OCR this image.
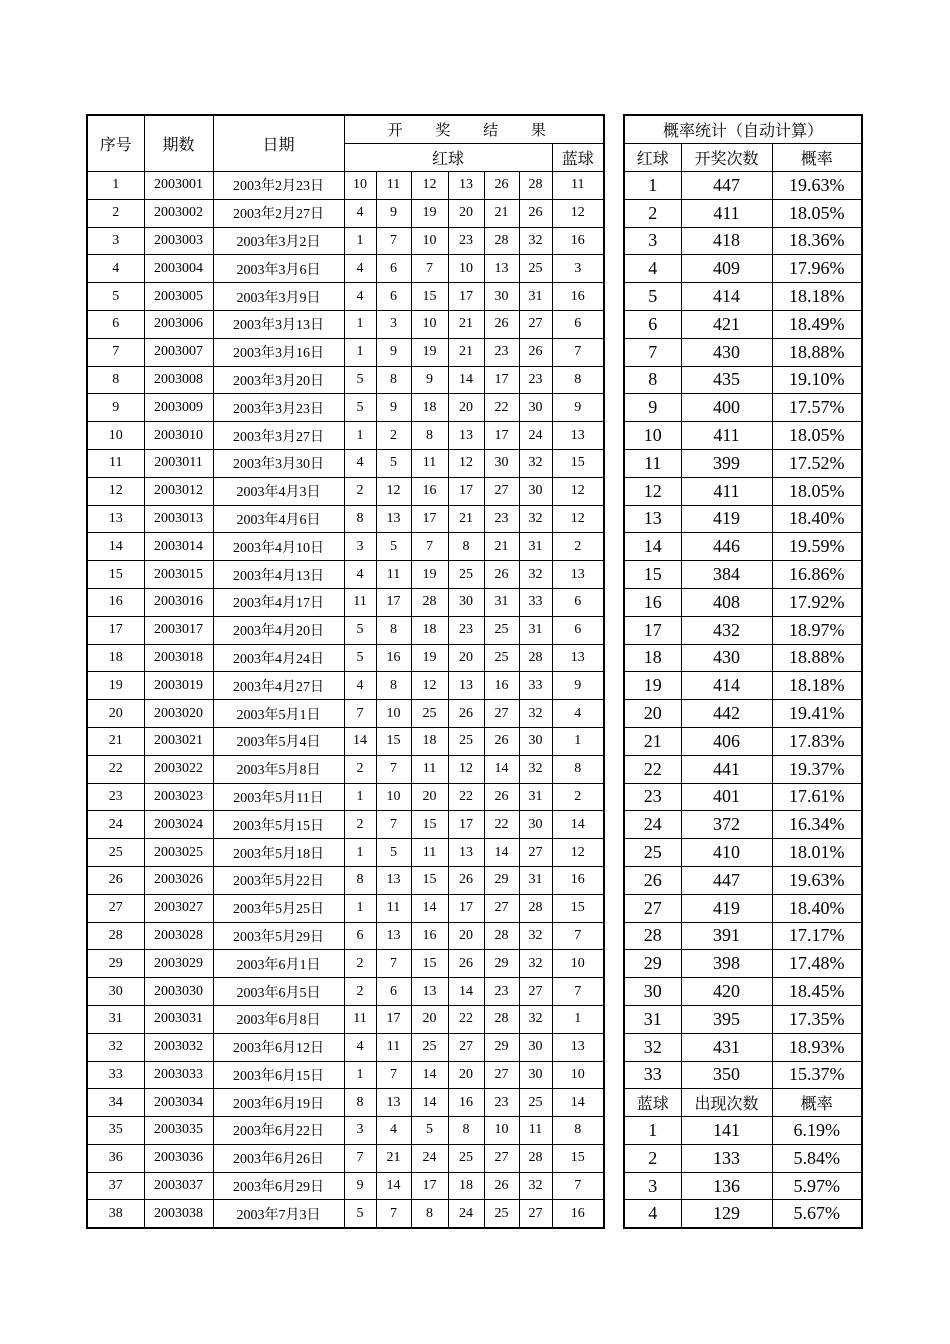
序号	期数	日期	开 奖 结 果						
			红球						蓝球
1	2003001	2003年2月23日	10	11	12	13	26	28	11
2	2003002	2003年2月27日	4	9	19	20	21	26	12
3	2003003	2003年3月2日	1	7	10	23	28	32	16
4	2003004	2003年3月6日	4	6	7	10	13	25	3
5	2003005	2003年3月9日	4	6	15	17	30	31	16
6	2003006	2003年3月13日	1	3	10	21	26	27	6
7	2003007	2003年3月16日	1	9	19	21	23	26	7
8	2003008	2003年3月20日	5	8	9	14	17	23	8
9	2003009	2003年3月23日	5	9	18	20	22	30	9
10	2003010	2003年3月27日	1	2	8	13	17	24	13
11	2003011	2003年3月30日	4	5	11	12	30	32	15
12	2003012	2003年4月3日	2	12	16	17	27	30	12
13	2003013	2003年4月6日	8	13	17	21	23	32	12
14	2003014	2003年4月10日	3	5	7	8	21	31	2
15	2003015	2003年4月13日	4	11	19	25	26	32	13
16	2003016	2003年4月17日	11	17	28	30	31	33	6
17	2003017	2003年4月20日	5	8	18	23	25	31	6
18	2003018	2003年4月24日	5	16	19	20	25	28	13
19	2003019	2003年4月27日	4	8	12	13	16	33	9
20	2003020	2003年5月1日	7	10	25	26	27	32	4
21	2003021	2003年5月4日	14	15	18	25	26	30	1
22	2003022	2003年5月8日	2	7	11	12	14	32	8
23	2003023	2003年5月11日	1	10	20	22	26	31	2
24	2003024	2003年5月15日	2	7	15	17	22	30	14
25	2003025	2003年5月18日	1	5	11	13	14	27	12
26	2003026	2003年5月22日	8	13	15	26	29	31	16
27	2003027	2003年5月25日	1	11	14	17	27	28	15
28	2003028	2003年5月29日	6	13	16	20	28	32	7
29	2003029	2003年6月1日	2	7	15	26	29	32	10
30	2003030	2003年6月5日	2	6	13	14	23	27	7
31	2003031	2003年6月8日	11	17	20	22	28	32	1
32	2003032	2003年6月12日	4	11	25	27	29	30	13
33	2003033	2003年6月15日	1	7	14	20	27	30	10
34	2003034	2003年6月19日	8	13	14	16	23	25	14
35	2003035	2003年6月22日	3	4	5	8	10	11	8
36	2003036	2003年6月26日	7	21	24	25	27	28	15
37	2003037	2003年6月29日	9	14	17	18	26	32	7
38	2003038	2003年7月3日	5	7	8	24	25	27	16
概率统计（自动计算）		
红球	开奖次数	概率
1	447	19.63%
2	411	18.05%
3	418	18.36%
4	409	17.96%
5	414	18.18%
6	421	18.49%
7	430	18.88%
8	435	19.10%
9	400	17.57%
10	411	18.05%
11	399	17.52%
12	411	18.05%
13	419	18.40%
14	446	19.59%
15	384	16.86%
16	408	17.92%
17	432	18.97%
18	430	18.88%
19	414	18.18%
20	442	19.41%
21	406	17.83%
22	441	19.37%
23	401	17.61%
24	372	16.34%
25	410	18.01%
26	447	19.63%
27	419	18.40%
28	391	17.17%
29	398	17.48%
30	420	18.45%
31	395	17.35%
32	431	18.93%
33	350	15.37%
蓝球	出现次数	概率
1	141	6.19%
2	133	5.84%
3	136	5.97%
4	129	5.67%
